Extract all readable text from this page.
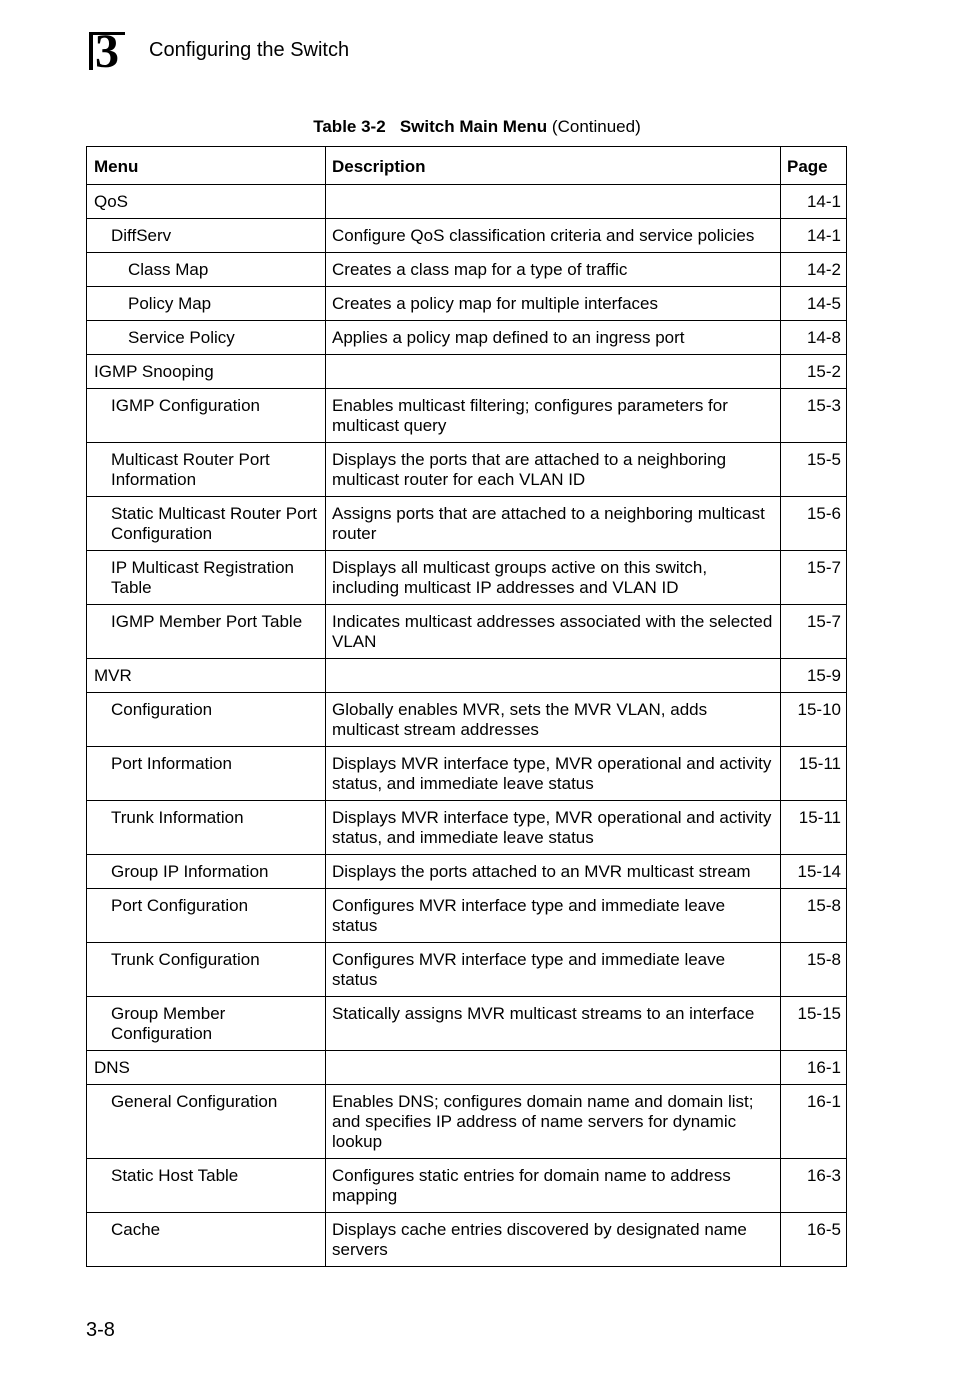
3 Configuring the Switch
Table 3-2 Switch Main Menu (Continued)
Menu	Description	Page
QoS		14-1
DiffServ	Configure QoS classification criteria and service policies	14-1
Class Map	Creates a class map for a type of traffic	14-2
Policy Map	Creates a policy map for multiple interfaces	14-5
Service Policy	Applies a policy map defined to an ingress port	14-8
IGMP Snooping		15-2
IGMP Configuration	Enables multicast filtering; configures parameters for multicast query	15-3
Multicast Router Port Information	Displays the ports that are attached to a neighboring multicast router for each VLAN ID	15-5
Static Multicast Router Port Configuration	Assigns ports that are attached to a neighboring multicast router	15-6
IP Multicast Registration Table	Displays all multicast groups active on this switch, including multicast IP addresses and VLAN ID	15-7
IGMP Member Port Table	Indicates multicast addresses associated with the selected VLAN	15-7
MVR		15-9
Configuration	Globally enables MVR, sets the MVR VLAN, adds multicast stream addresses	15-10
Port Information	Displays MVR interface type, MVR operational and activity status, and immediate leave status	15-11
Trunk Information	Displays MVR interface type, MVR operational and activity status, and immediate leave status	15-11
Group IP Information	Displays the ports attached to an MVR multicast stream	15-14
Port Configuration	Configures MVR interface type and immediate leave status	15-8
Trunk Configuration	Configures MVR interface type and immediate leave status	15-8
Group Member Configuration	Statically assigns MVR multicast streams to an interface	15-15
DNS		16-1
General Configuration	Enables DNS; configures domain name and domain list; and specifies IP address of name servers for dynamic lookup	16-1
Static Host Table	Configures static entries for domain name to address mapping	16-3
Cache	Displays cache entries discovered by designated name servers	16-5
3-8
